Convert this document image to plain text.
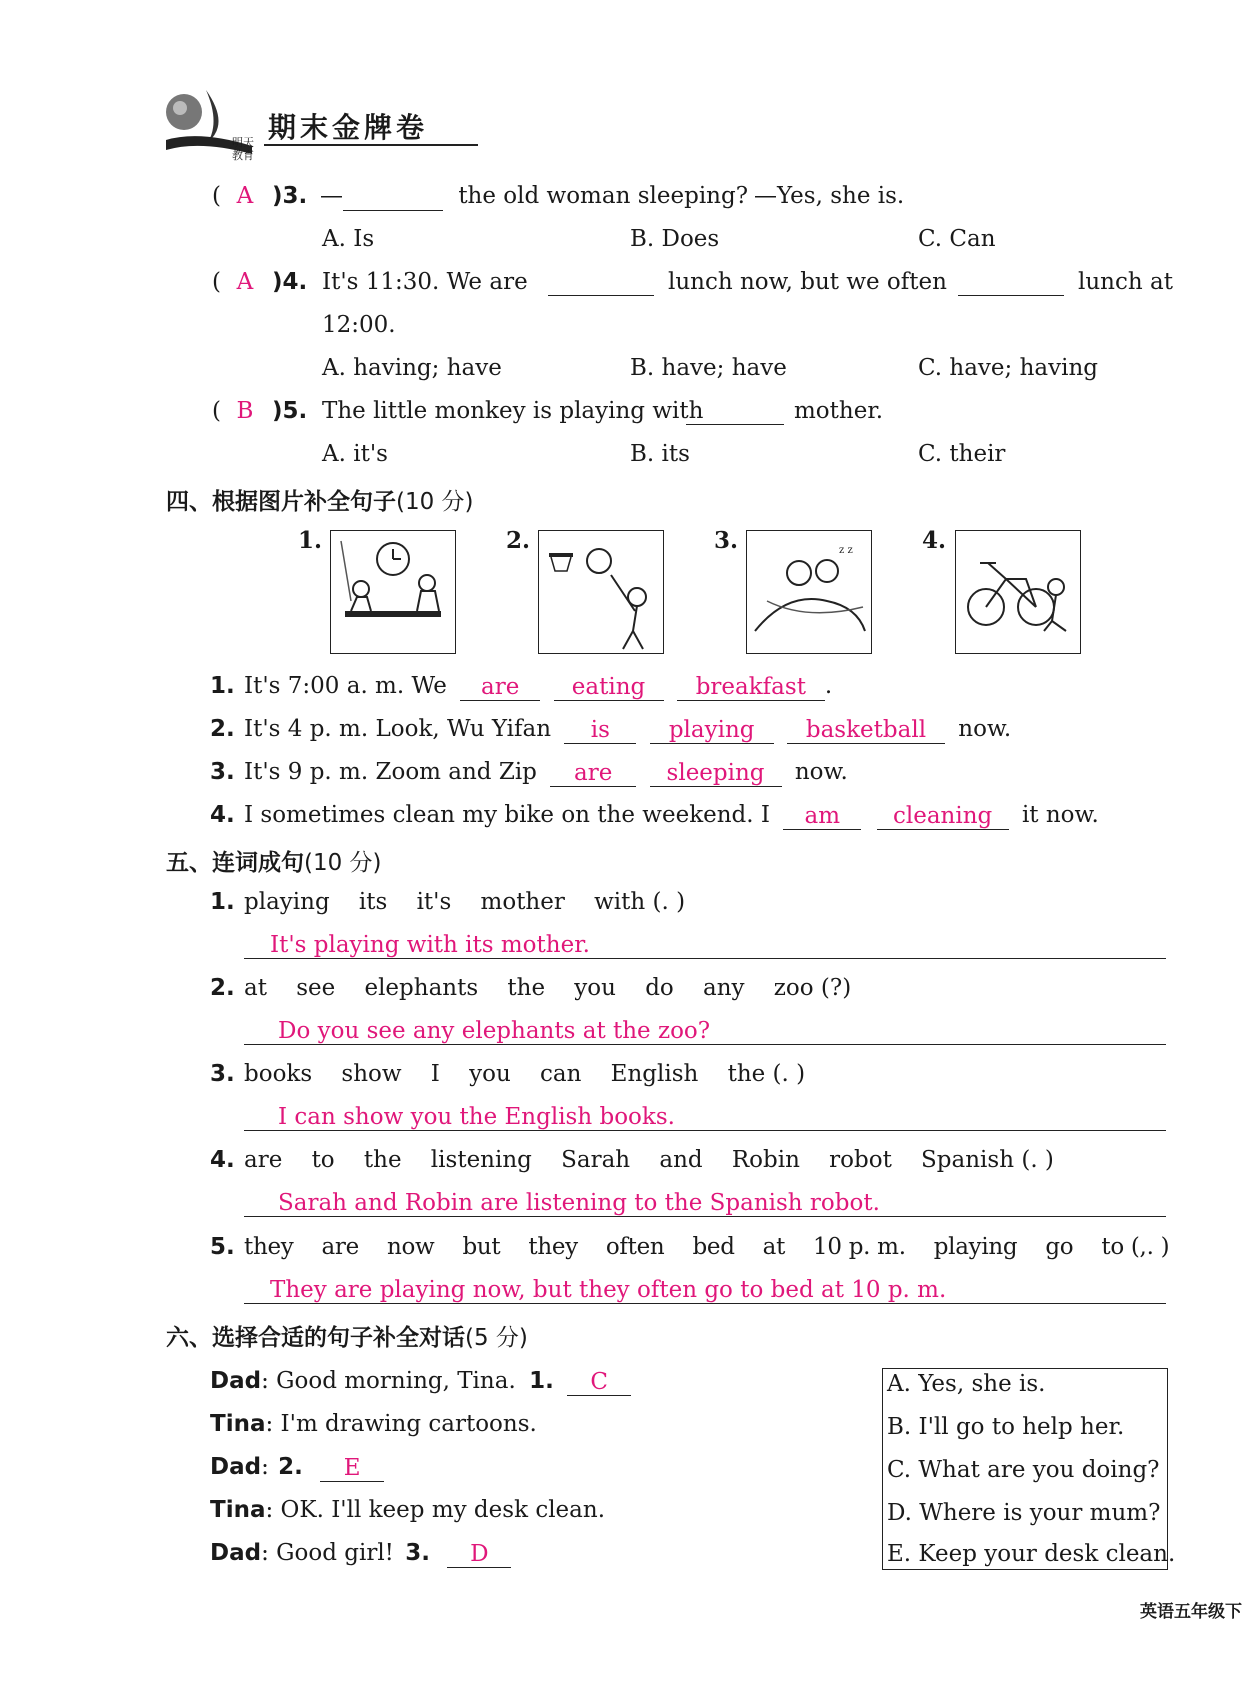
明天教育
期末金牌卷
( A )3. —	the old woman sleeping? —Yes, she is.
A. Is	B. Does	C. Can
( A )4. It's 11:30. We are	lunch now, but we often	lunch at
12:00.
A. having; have	B. have; have	C. have; having
( B )5. The little monkey is playing with	mother.
A. it's	B. its	C. their
四、根据图片补全句子(10 分)
1.	2.	3.	z z	4.
1. It's 7:00 a. m. We are eating breakfast .
2. It's 4 p. m. Look, Wu Yifan is	playing basketball now.
3. It's 9 p. m. Zoom and Zip are sleeping now.
4. I sometimes clean my bike on the weekend. I am cleaning it now.
五、连词成句(10 分)
1. playing    its    it's    mother    with (. )
It's playing with its mother.
2. at    see    elephants    the    you    do    any    zoo (?)
Do you see any elephants at the zoo?
3. books    show    I    you    can    English    the (. )
I can show you the English books.
4. are    to    the    listening    Sarah    and    Robin    robot    Spanish (. )
Sarah and Robin are listening to the Spanish robot.
5. they    are    now    but    they    often    bed    at    10 p. m.    playing    go    to (,. )
They are playing now, but they often go to bed at 10 p. m.
六、选择合适的句子补全对话(5 分)
Dad: Good morning, Tina. 1. C
Tina: I'm drawing cartoons.
Dad: 2. E
Tina: OK. I'll keep my desk clean.
Dad: Good girl! 3. D
A. Yes, she is.
B. I'll go to help her.
C. What are you doing?
D. Where is your mum?
E. Keep your desk clean.
英语五年级下
